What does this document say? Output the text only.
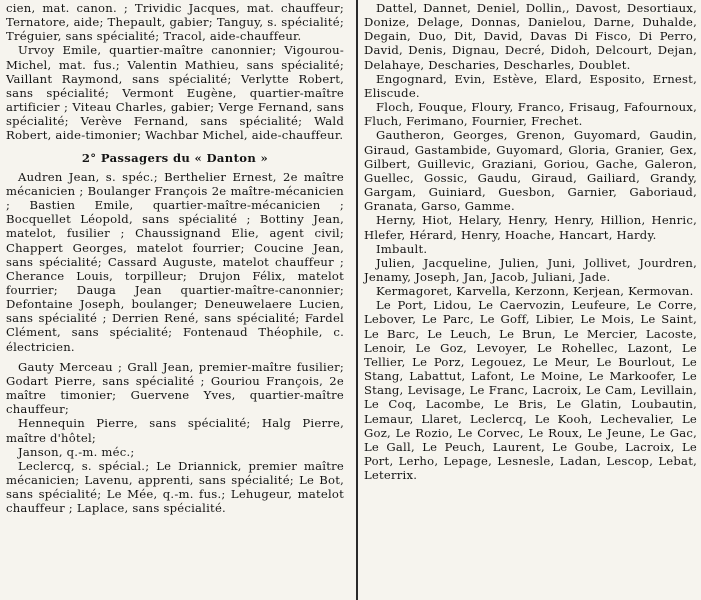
cien, mat. canon. ; Trividic Jacques, mat. chauffeur; Ternatore, aide; Thepault, gabier; Tanguy, s. spécialité; Tréguier, sans spécialité; Tracol, aide-chauffeur.

Urvoy Emile, quartier-maître canonnier; Vigourou- Michel, mat. fus.; Valentin Mathieu, sans spécialité; Vaillant Raymond, sans spécialité; Verlytte Robert, sans spécialité; Vermont Eugène, quartier-maître artificier ; Viteau Charles, gabier; Verge Fernand, sans spécialité; Verève Fernand, sans spécialité; Wald Robert, aide-timonier; Wachbar Michel, aide-chauffeur.

2° Passagers du « Danton »

Audren Jean, s. spéc.; Berthelier Ernest, 2e maître mécanicien ; Boulanger François 2e maître-mécanicien ; Bastien Emile, quartier-maître-mécanicien ; Bocquellet Léopold, sans spécialité ; Bottiny Jean, matelot, fusilier ; Chaussignand Elie, agent civil; Chappert Georges, matelot fourrier; Coucine Jean, sans spécialité; Cassard Auguste, matelot chauffeur ; Cherance Louis, torpilleur; Drujon Félix, matelot fourrier; Dauga Jean quartier-maître-canonnier; Defontaine Joseph, boulanger; Deneuwelaere Lucien, sans spécialité ; Derrien René, sans spécialité; Fardel Clément, sans spécialité; Fontenaud Théophile, c. électricien.

Gauty Merceau ; Grall Jean, premier-maître fusilier; Godart Pierre, sans spécialité ; Gouriou François, 2e maître timonier; Guervene Yves, quartier-maître chauffeur;

Hennequin Pierre, sans spécialité; Halg Pierre, maître d'hôtel;

Janson, q.-m. méc.;

Leclercq, s. spécial.; Le Driannick, premier maître mécanicien; Lavenu, apprenti, sans spécialité; Le Bot, sans spécialité; Le Mée, q.-m. fus.; Lehugeur, matelot chauffeur ; Laplace, sans spécialité.

Dattel, Dannet, Deniel, Dollin,, Davost, Desortiaux, Donize, Delage, Donnas, Danielou, Darne, Duhalde, Degain, Duo, Dit, David, Davas Di Fisco, Di Perro, David, Denis, Dignau, Decré, Didoh, Delcourt, Dejan, Delahaye, Descharies, Descharles, Doublet.

Engognard, Evin, Estève, Elard, Esposito, Ernest, Eliscude.

Floch, Fouque, Floury, Franco, Frisaug, Fafournoux, Fluch, Ferimano, Fournier, Frechet.

Gautheron, Georges, Grenon, Guyomard, Gaudin, Giraud, Gastambide, Guyomard, Gloria, Granier, Gex, Gilbert, Guillevic, Graziani, Goriou, Gache, Galeron, Guellec, Gossic, Gaudu, Giraud, Gailiard, Grandy, Gargam, Guiniard, Guesbon, Garnier, Gaboriaud, Granata, Garso, Gamme.

Herny, Hiot, Helary, Henry, Henry, Hillion, Henric, Hlefer, Hérard, Henry, Hoache, Hancart, Hardy.

Imbault.

Julien, Jacqueline, Julien, Juni, Jollivet, Jourdren, Jenamy, Joseph, Jan, Jacob, Juliani, Jade.

Kermagoret, Karvella, Kerzonn, Kerjean, Kermovan.

Le Port, Lidou, Le Caervozin, Leufeure, Le Corre, Lebover, Le Parc, Le Goff, Libier, Le Mois, Le Saint, Le Barc, Le Leuch, Le Brun, Le Mercier, Lacoste, Lenoir, Le Goz, Levoyer, Le Rohellec, Lazont, Le Tellier, Le Porz, Legouez, Le Meur, Le Bourlout, Le Stang, Labattut, Lafont, Le Moine, Le Markoofer, Le Stang, Levisage, Le Franc, Lacroix, Le Cam, Levillain, Le Coq, Lacombe, Le Bris, Le Glatin, Loubautin, Lemaur, Llaret, Leclercq, Le Kooh, Lechevalier, Le Goz, Le Rozio, Le Corvec, Le Roux, Le Jeune, Le Gac, Le Gall, Le Peuch, Laurent, Le Goube, Lacroix, Le Port, Lerho, Lepage, Lesnesle, Ladan, Lescop, Lebat, Leterrix.
